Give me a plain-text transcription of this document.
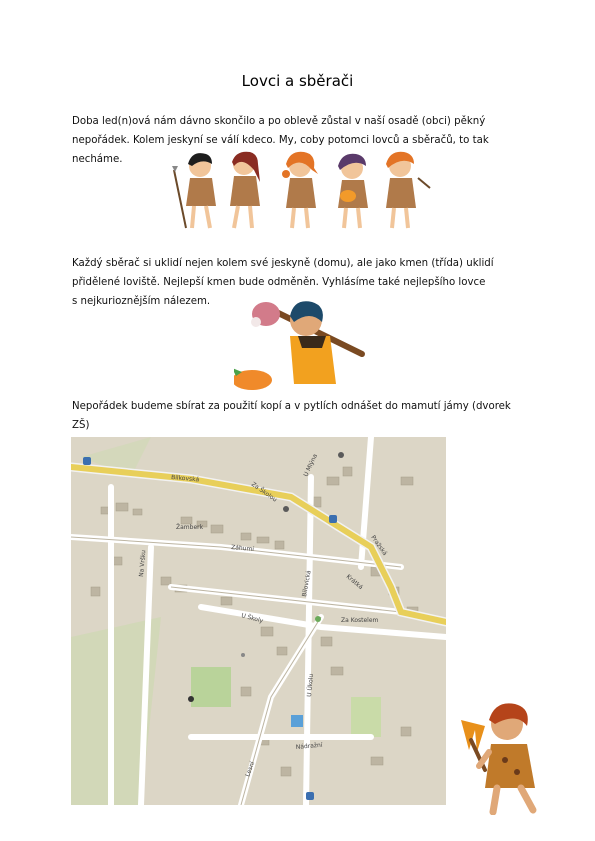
Lovci a sběrači
Doba led(n)ová nám dávno skončilo a po oblevě zůstal v naší osadě (obci) pěkný
nepořádek. Kolem jeskyní se válí kdeco. My, coby potomci lovců a sběračů, to tak
necháme.
Každý sběrač si uklidí nejen kolem své jeskyně (domu), ale jako kmen (třída) uklidí
přidělené loviště. Nejlepší kmen bude odměněn. Vyhlásíme také nejlepšího lovce
s nejkurioznějším nálezem.
Nepořádek budeme sbírat za použití kopí a v pytlích odnášet do mamutí jámy (dvorek
ZŠ)
Bílkovská
Za Školou
Žamberk
Záhumí
U Školy	Za Kostelem
Bílovická
Pražská
U Mlýna
Nádražní
U Úkolu
Lesní
Krátká
Na Vršku
